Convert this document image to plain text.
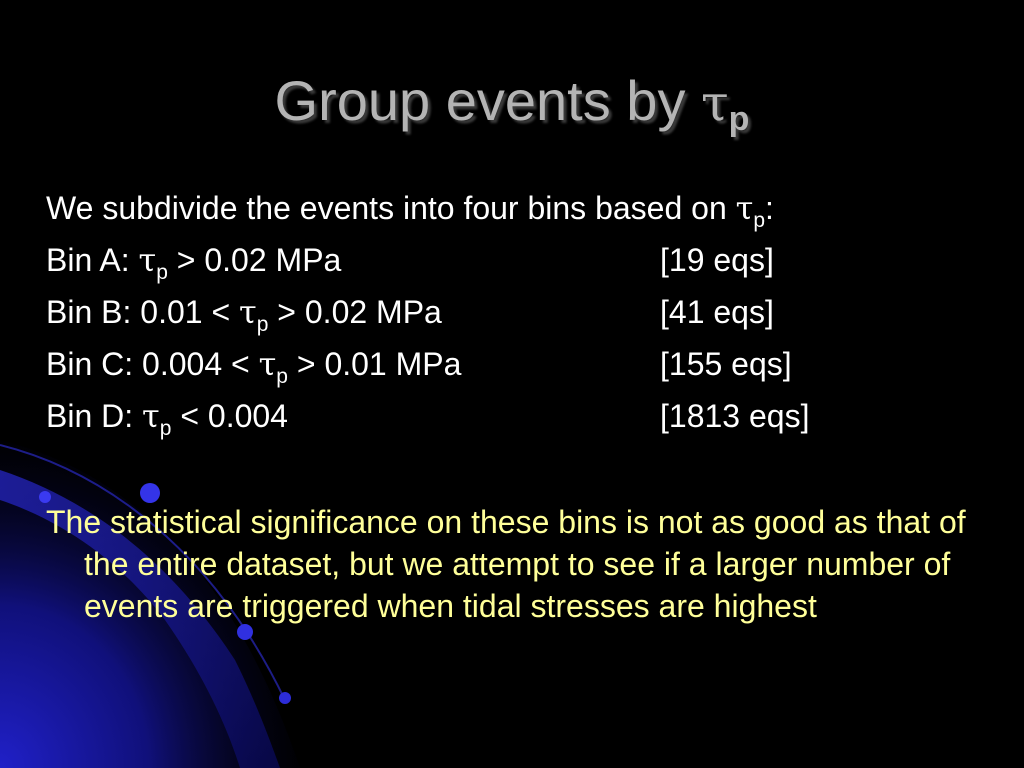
Group events by τp
We subdivide the events into four bins based on $\tau_p$:
Bin A: $\tau_p > 0.02$ MPa	[19 eqs]
Bin B: $0.01 < \tau_p > 0.02$ MPa	[41 eqs]
Bin C: $0.004 < \tau_p > 0.01$ MPa	[155 eqs]
Bin D: $\tau_p < 0.004$	[1813 eqs]
The statistical significance on these bins is not as good as that of the entire dataset, but we attempt to see if a larger number of events are triggered when tidal stresses are highest
